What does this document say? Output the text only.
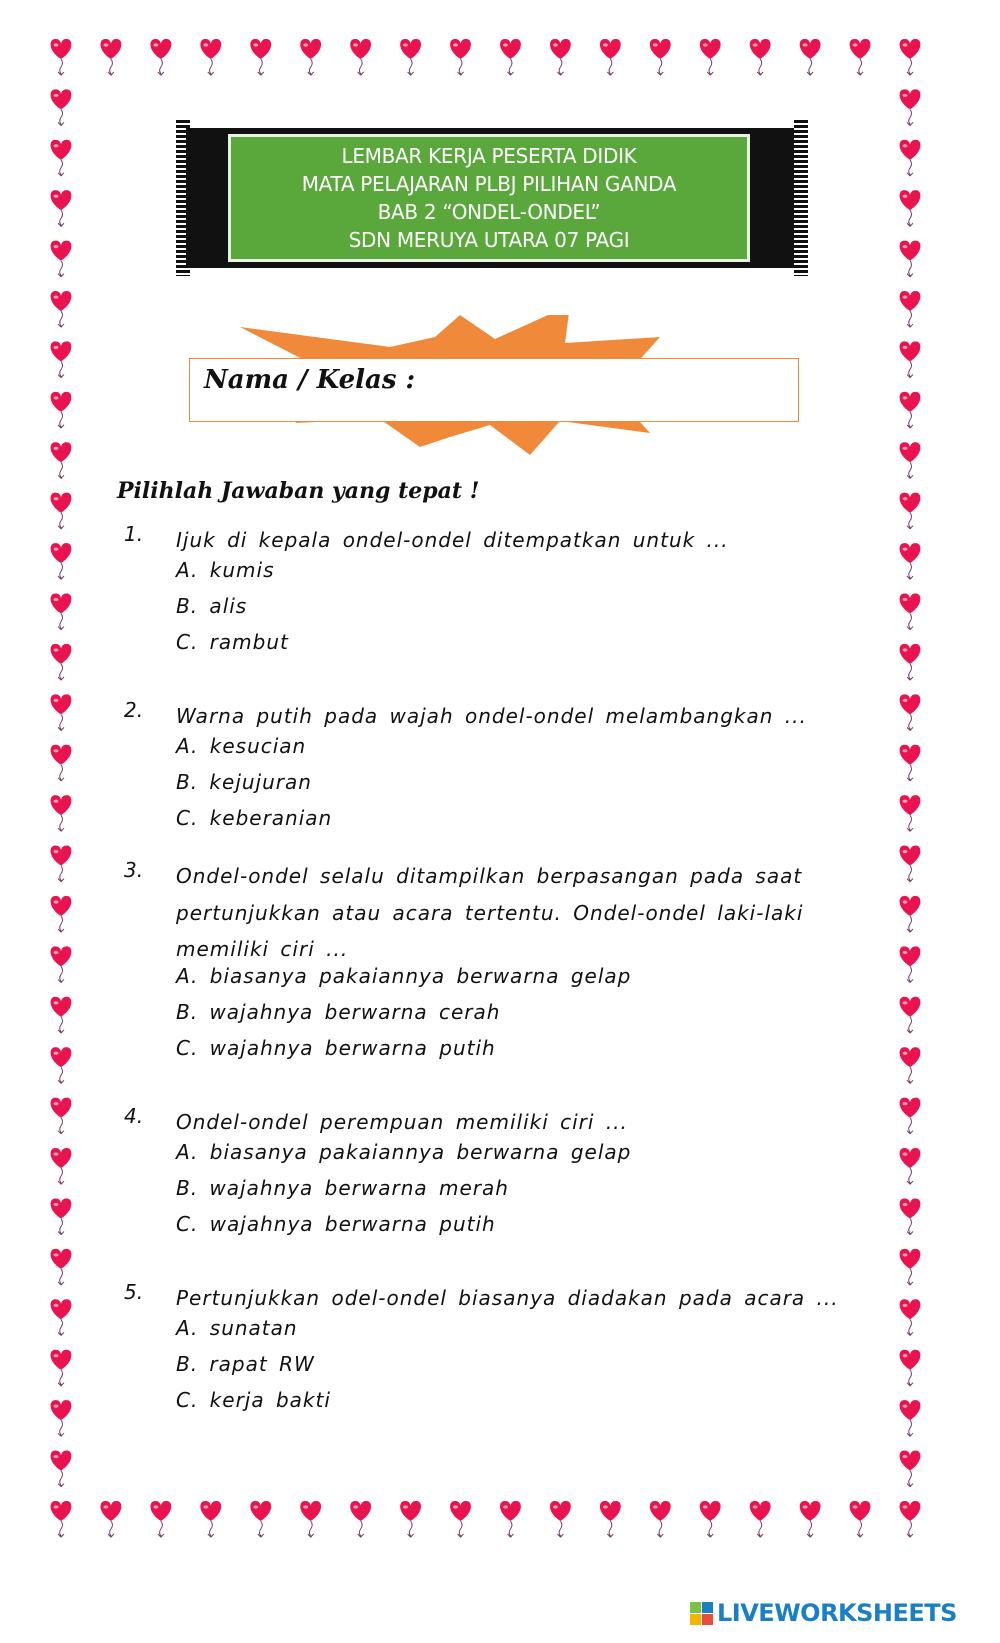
LEMBAR KERJA PESERTA DIDIK
MATA PELAJARAN PLBJ PILIHAN GANDA
BAB 2 “ONDEL-ONDEL”
SDN MERUYA UTARA 07 PAGI
Nama / Kelas :
Pilihlah Jawaban yang tepat !
1. Ijuk di kepala ondel-ondel ditempatkan untuk ...
A. kumis
B. alis
C. rambut
2. Warna putih pada wajah ondel-ondel melambangkan ...
A. kesucian
B. kejujuran
C. keberanian
3. Ondel-ondel selalu ditampilkan berpasangan pada saat pertunjukkan atau acara tertentu. Ondel-ondel laki-laki memiliki ciri ...
A. biasanya pakaiannya berwarna gelap
B. wajahnya berwarna cerah
C. wajahnya berwarna putih
4. Ondel-ondel perempuan memiliki ciri ...
A. biasanya pakaiannya berwarna gelap
B. wajahnya berwarna merah
C. wajahnya berwarna putih
5. Pertunjukkan odel-ondel biasanya diadakan pada acara ...
A. sunatan
B. rapat RW
C. kerja bakti
LIVEWORKSHEETS
